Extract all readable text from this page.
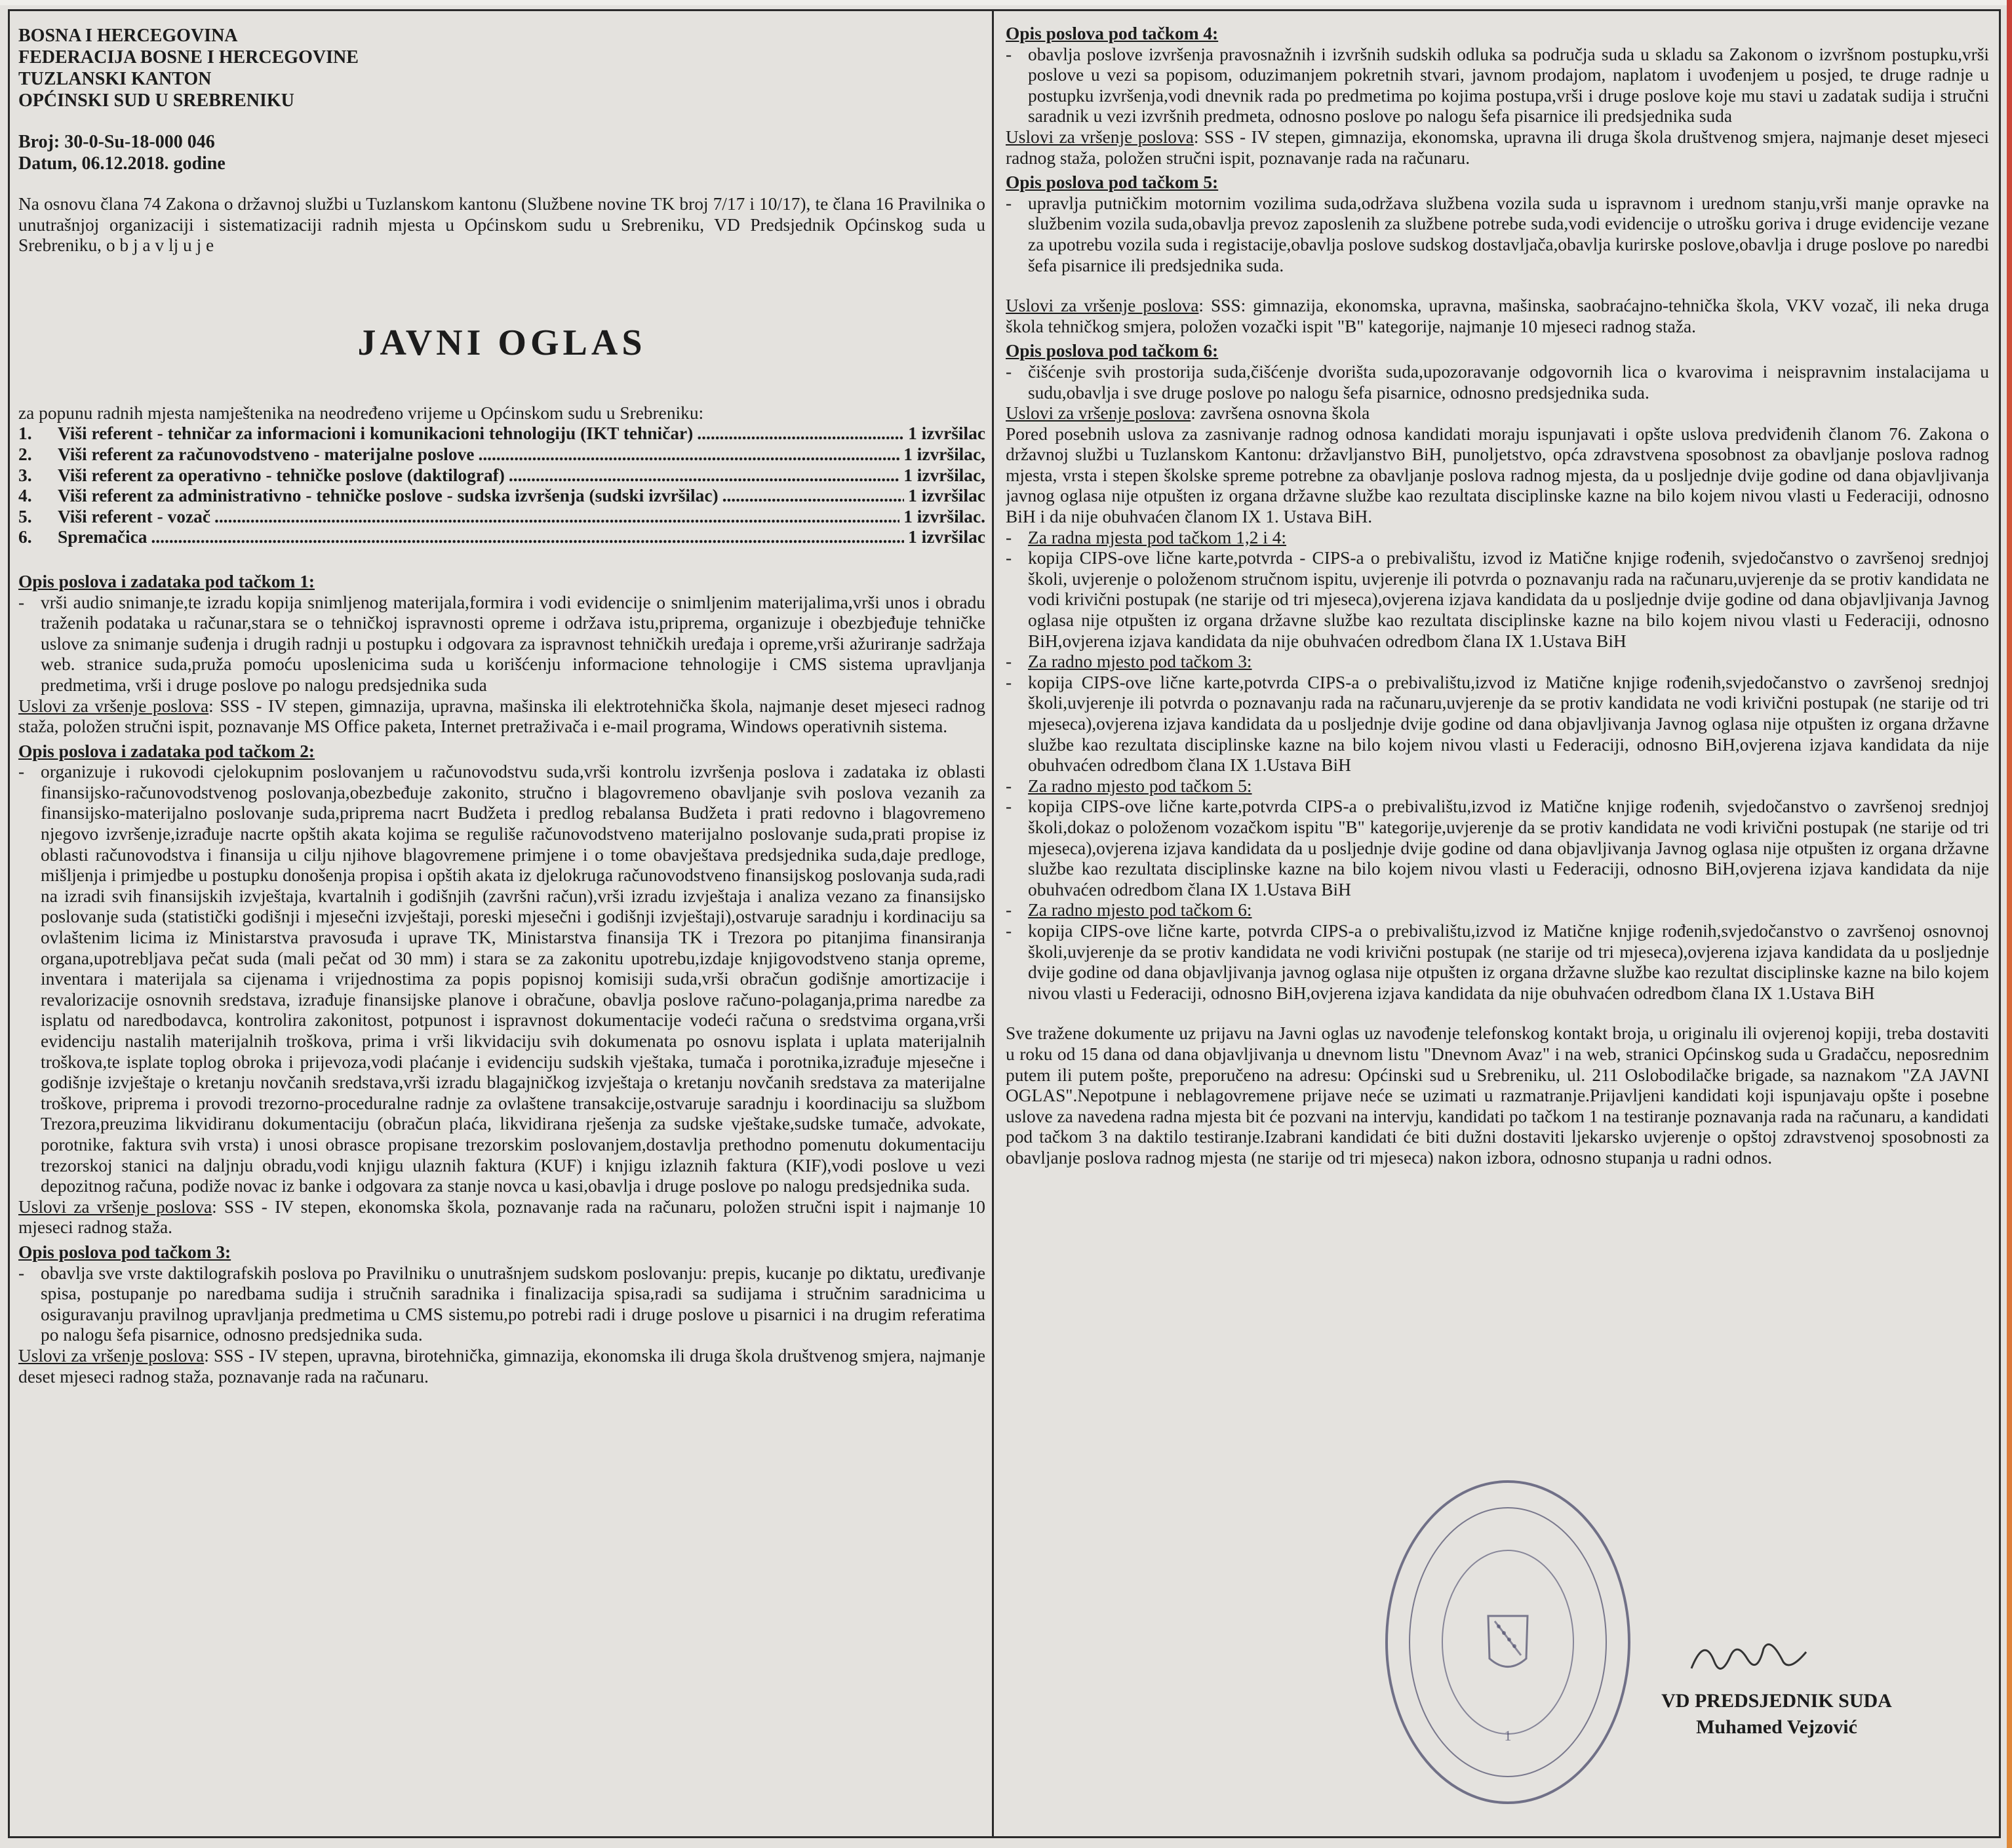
BOSNA I HERCEGOVINA
FEDERACIJA BOSNE I HERCEGOVINE
TUZLANSKI KANTON
OPĆINSKI SUD U SREBRENIKU
Broj: 30-0-Su-18-000 046
Datum, 06.12.2018. godine
Na osnovu člana 74 Zakona o državnoj službi u Tuzlanskom kantonu (Službene novine TK broj 7/17 i 10/17), te člana 16 Pravilnika o unutrašnjoj organizaciji i sistematizaciji radnih mjesta u Općinskom sudu u Srebreniku, VD Predsjednik Općinskog suda u Srebreniku, o b j a v lj u j e
JAVNI OGLAS
za popunu radnih mjesta namještenika na neodređeno vrijeme u Općinskom sudu u Srebreniku:
1.	Viši referent - tehničar za informacioni i komunikacioni tehnologiju (IKT tehničar) .....	1 izvršilac
2.	Viši referent za računovodstveno - materijalne poslove .....	1 izvršilac,
3.	Viši referent za operativno - tehničke poslove (daktilograf) .....	1 izvršilac,
4.	Viši referent za administrativno - tehničke poslove - sudska izvršenja (sudski izvršilac) .....	1 izvršilac
5.	Viši referent - vozač .....	1 izvršilac.
6.	Spremačica .....	1 izvršilac
Opis poslova i zadataka pod tačkom 1:
- vrši audio snimanje,te izradu kopija snimljenog materijala,formira i vodi evidencije o snimljenim materijalima,vrši unos i obradu traženih podataka u računar,stara se o tehničkoj ispravnosti opreme i održava istu,priprema, organizuje i obezbjeđuje tehničke uslove za snimanje suđenja i drugih radnji u postupku i odgovara za ispravnost tehničkih uređaja i opreme,vrši ažuriranje sadržaja web. stranice suda,pruža pomoću uposlenicima suda u korišćenju informacione tehnologije i CMS sistema upravljanja predmetima, vrši i druge poslove po nalogu predsjednika suda
Uslovi za vršenje poslova: SSS - IV stepen, gimnazija, upravna, mašinska ili elektrotehnička škola, najmanje deset mjeseci radnog staža, položen stručni ispit, poznavanje MS Office paketa, Internet pretraživača i e-mail programa, Windows operativnih sistema.
Opis poslova i zadataka pod tačkom 2:
- organizuje i rukovodi cjelokupnim poslovanjem u računovodstvu suda,vrši kontrolu izvršenja poslova i zadataka iz oblasti finansijsko-računovodstvenog poslovanja,obezbeđuje zakonito, stručno i blagovremeno obavljanje svih poslova vezanih za finansijsko-materijalno poslovanje suda,priprema nacrt Budžeta i predlog rebalansa Budžeta i prati redovno i blagovremeno njegovo izvršenje,izrađuje nacrte opštih akata kojima se reguliše računovodstveno materijalno poslovanje suda,prati propise iz oblasti računovodstva i finansija u cilju njihove blagovremene primjene i o tome obavještava predsjednika suda,daje predloge, mišljenja i primjedbe u postupku donošenja propisa i opštih akata iz djelokruga računovodstveno finansijskog poslovanja suda,radi na izradi svih finansijskih izvještaja, kvartalnih i godišnjih (završni račun),vrši izradu izvještaja i analiza vezano za finansijsko poslovanje suda (statistički godišnji i mjesečni izvještaji, poreski mjesečni i godišnji izvještaji),ostvaruje saradnju i kordinaciju sa ovlaštenim licima iz Ministarstva pravosuđa i uprave TK, Ministarstva finansija TK i Trezora po pitanjima finansiranja organa,upotrebljava pečat suda (mali pečat od 30 mm) i stara se za zakonitu upotrebu,izdaje knjigovodstveno stanja opreme, inventara i materijala sa cijenama i vrijednostima za popis popisnoj komisiji suda,vrši obračun godišnje amortizacije i revalorizacije osnovnih sredstava, izrađuje finansijske planove i obračune, obavlja poslove računo-polaganja,prima naredbe za isplatu od naredbodavca, kontrolira zakonitost, potpunost i ispravnost dokumentacije vodeći računa o sredstvima organa,vrši evidenciju nastalih materijalnih troškova, prima i vrši likvidaciju svih dokumenata po osnovu isplata i uplata materijalnih troškova,te isplate toplog obroka i prijevoza,vodi plaćanje i evidenciju sudskih vještaka, tumača i porotnika,izrađuje mjesečne i godišnje izvještaje o kretanju novčanih sredstava,vrši izradu blagajničkog izvještaja o kretanju novčanih sredstava za materijalne troškove, priprema i provodi trezorno-proceduralne radnje za ovlaštene transakcije,ostvaruje saradnju i koordinaciju sa službom Trezora,preuzima likvidiranu dokumentaciju (obračun plaća, likvidirana rješenja za sudske vještake,sudske tumače, advokate, porotnike, faktura svih vrsta) i unosi obrasce propisane trezorskim poslovanjem,dostavlja prethodno pomenutu dokumentaciju trezorskoj stanici na daljnju obradu,vodi knjigu ulaznih faktura (KUF) i knjigu izlaznih faktura (KIF),vodi poslove u vezi depozitnog računa, podiže novac iz banke i odgovara za stanje novca u kasi,obavlja i druge poslove po nalogu predsjednika suda.
Uslovi za vršenje poslova: SSS - IV stepen, ekonomska škola, poznavanje rada na računaru, položen stručni ispit i najmanje 10 mjeseci radnog staža.
Opis poslova pod tačkom 3:
- obavlja sve vrste daktilografskih poslova po Pravilniku o unutrašnjem sudskom poslovanju: prepis, kucanje po diktatu, uređivanje spisa, postupanje po naredbama sudija i stručnih saradnika i finalizacija spisa,radi sa sudijama i stručnim saradnicima u osiguravanju pravilnog upravljanja predmetima u CMS sistemu,po potrebi radi i druge poslove u pisarnici i na drugim referatima po nalogu šefa pisarnice, odnosno predsjednika suda.
Uslovi za vršenje poslova: SSS - IV stepen, upravna, birotehnička, gimnazija, ekonomska ili druga škola društvenog smjera, najmanje deset mjeseci radnog staža, poznavanje rada na računaru.
Opis poslova pod tačkom 4:
- obavlja poslove izvršenja pravosnažnih i izvršnih sudskih odluka sa područja suda u skladu sa Zakonom o izvršnom postupku,vrši poslove u vezi sa popisom, oduzimanjem pokretnih stvari, javnom prodajom, naplatom i uvođenjem u posjed, te druge radnje u postupku izvršenja,vodi dnevnik rada po predmetima po kojima postupa,vrši i druge poslove koje mu stavi u zadatak sudija i stručni saradnik u vezi izvršnih predmeta, odnosno poslove po nalogu šefa pisarnice ili predsjednika suda
Uslovi za vršenje poslova: SSS - IV stepen, gimnazija, ekonomska, upravna ili druga škola društvenog smjera, najmanje deset mjeseci radnog staža, položen stručni ispit, poznavanje rada na računaru.
Opis poslova pod tačkom 5:
- upravlja putničkim motornim vozilima suda,održava službena vozila suda u ispravnom i urednom stanju,vrši manje opravke na službenim vozila suda,obavlja prevoz zaposlenih za službene potrebe suda,vodi evidencije o utrošku goriva i druge evidencije vezane za upotrebu vozila suda i registacije,obavlja poslove sudskog dostavljača,obavlja kurirske poslove,obavlja i druge poslove po naredbi šefa pisarnice ili predsjednika suda.
Uslovi za vršenje poslova: SSS: gimnazija, ekonomska, upravna, mašinska, saobraćajno-tehnička škola, VKV vozač, ili neka druga škola tehničkog smjera, položen vozački ispit "B" kategorije, najmanje 10 mjeseci radnog staža.
Opis poslova pod tačkom 6:
- čišćenje svih prostorija suda,čišćenje dvorišta suda,upozoravanje odgovornih lica o kvarovima i neispravnim instalacijama u sudu,obavlja i sve druge poslove po nalogu šefa pisarnice, odnosno predsjednika suda.
Uslovi za vršenje poslova: završena osnovna škola
Pored posebnih uslova za zasnivanje radnog odnosa kandidati moraju ispunjavati i opšte uslova predviđenih članom 76. Zakona o državnoj službi u Tuzlanskom Kantonu: državljanstvo BiH, punoljetstvo, opća zdravstvena sposobnost za obavljanje poslova radnog mjesta, vrsta i stepen školske spreme potrebne za obavljanje poslova radnog mjesta, da u posljednje dvije godine od dana objavljivanja javnog oglasa nije otpušten iz organa državne službe kao rezultata disciplinske kazne na bilo kojem nivou vlasti u Federaciji, odnosno BiH i da nije obuhvaćen članom IX 1. Ustava BiH.
- Za radna mjesta pod tačkom 1,2 i 4:
- kopija CIPS-ove lične karte,potvrda - CIPS-a o prebivalištu, izvod iz Matične knjige rođenih, svjedočanstvo o završenoj srednjoj školi, uvjerenje o položenom stručnom ispitu, uvjerenje ili potvrda o poznavanju rada na računaru,uvjerenje da se protiv kandidata ne vodi krivični postupak (ne starije od tri mjeseca),ovjerena izjava kandidata da u posljednje dvije godine od dana objavljivanja Javnog oglasa nije otpušten iz organa državne službe kao rezultata disciplinske kazne na bilo kojem nivou vlasti u Federaciji, odnosno BiH,ovjerena izjava kandidata da nije obuhvaćen odredbom člana IX 1.Ustava BiH
- Za radno mjesto pod tačkom 3:
- kopija CIPS-ove lične karte,potvrda CIPS-a o prebivalištu,izvod iz Matične knjige rođenih,svjedočanstvo o završenoj srednjoj školi,uvjerenje ili potvrda o poznavanju rada na računaru,uvjerenje da se protiv kandidata ne vodi krivični postupak (ne starije od tri mjeseca),ovjerena izjava kandidata da u posljednje dvije godine od dana objavljivanja Javnog oglasa nije otpušten iz organa državne službe kao rezultata disciplinske kazne na bilo kojem nivou vlasti u Federaciji, odnosno BiH,ovjerena izjava kandidata da nije obuhvaćen odredbom člana IX 1.Ustava BiH
- Za radno mjesto pod tačkom 5:
- kopija CIPS-ove lične karte,potvrda CIPS-a o prebivalištu,izvod iz Matične knjige rođenih, svjedočanstvo o završenoj srednjoj školi,dokaz o položenom vozačkom ispitu "B" kategorije,uvjerenje da se protiv kandidata ne vodi krivični postupak (ne starije od tri mjeseca),ovjerena izjava kandidata da u posljednje dvije godine od dana objavljivanja Javnog oglasa nije otpušten iz organa državne službe kao rezultata disciplinske kazne na bilo kojem nivou vlasti u Federaciji, odnosno BiH,ovjerena izjava kandidata da nije obuhvaćen odredbom člana IX 1.Ustava BiH
- Za radno mjesto pod tačkom 6:
- kopija CIPS-ove lične karte, potvrda CIPS-a o prebivalištu,izvod iz Matične knjige rođenih,svjedočanstvo o završenoj osnovnoj školi,uvjerenje da se protiv kandidata ne vodi krivični postupak (ne starije od tri mjeseca),ovjerena izjava kandidata da u posljednje dvije godine od dana objavljivanja javnog oglasa nije otpušten iz organa državne službe kao rezultat disciplinske kazne na bilo kojem nivou vlasti u Federaciji, odnosno BiH,ovjerena izjava kandidata da nije obuhvaćen odredbom člana IX 1.Ustava BiH
Sve tražene dokumente uz prijavu na Javni oglas uz navođenje telefonskog kontakt broja, u originalu ili ovjerenoj kopiji, treba dostaviti u roku od 15 dana od dana objavljivanja u dnevnom listu "Dnevnom Avaz" i na web, stranici Općinskog suda u Gradačcu, neposrednim putem ili putem pošte, preporučeno na adresu: Općinski sud u Srebreniku, ul. 211 Oslobodilačke brigade, sa naznakom "ZA JAVNI OGLAS".Nepotpune i neblagovremene prijave neće se uzimati u razmatranje.Prijavljeni kandidati koji ispunjavaju opšte i posebne uslove za navedena radna mjesta bit će pozvani na intervju, kandidati po tačkom 1 na testiranje poznavanja rada na računaru, a kandidati pod tačkom 3 na daktilo testiranje.Izabrani kandidati će biti dužni dostaviti ljekarsko uvjerenje o opštoj zdravstvenoj sposobnosti za obavljanje poslova radnog mjesta (ne starije od tri mjeseca) nakon izbora, odnosno stupanja u radni odnos.
1
VD PREDSJEDNIK SUDA
Muhamed Vejzović
